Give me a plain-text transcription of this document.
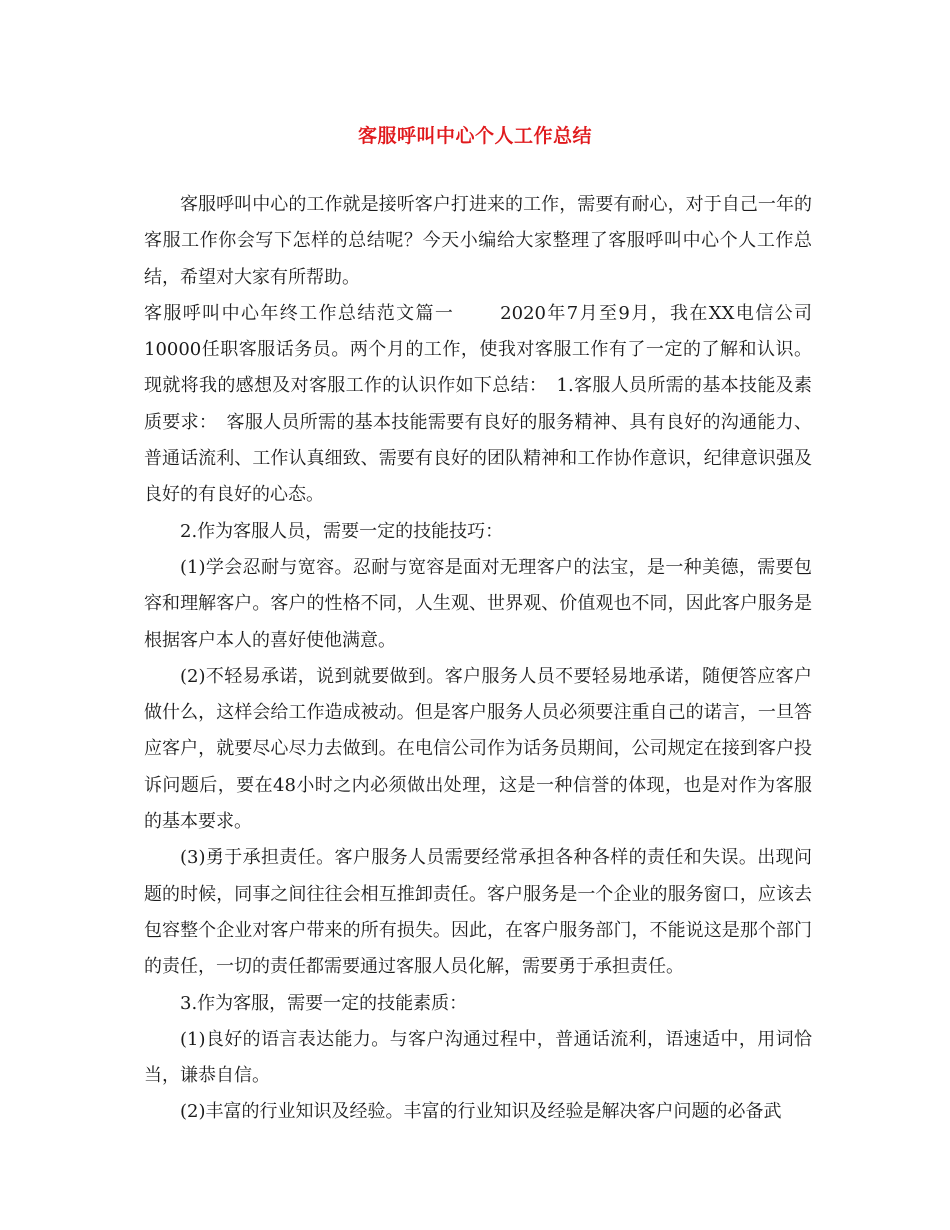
客服呼叫中心个人工作总结

客服呼叫中心的工作就是接听客户打进来的工作，需要有耐心，对于自己一年的客服工作你会写下怎样的总结呢？今天小编给大家整理了客服呼叫中心个人工作总结，希望对大家有所帮助。

客服呼叫中心年终工作总结范文篇一　　 2020年7月至9月，我在XX电信公司10000任职客服话务员。两个月的工作，使我对客服工作有了一定的了解和认识。现就将我的感想及对客服工作的认识作如下总结：　1.客服人员所需的基本技能及素质要求：　客服人员所需的基本技能需要有良好的服务精神、具有良好的沟通能力、普通话流利、工作认真细致、需要有良好的团队精神和工作协作意识，纪律意识强及良好的有良好的心态。

2.作为客服人员，需要一定的技能技巧：

(1)学会忍耐与宽容。忍耐与宽容是面对无理客户的法宝，是一种美德，需要包容和理解客户。客户的性格不同，人生观、世界观、价值观也不同，因此客户服务是根据客户本人的喜好使他满意。

(2)不轻易承诺，说到就要做到。客户服务人员不要轻易地承诺，随便答应客户做什么，这样会给工作造成被动。但是客户服务人员必须要注重自己的诺言，一旦答应客户，就要尽心尽力去做到。在电信公司作为话务员期间，公司规定在接到客户投诉问题后，要在48小时之内必须做出处理，这是一种信誉的体现，也是对作为客服的基本要求。

(3)勇于承担责任。客户服务人员需要经常承担各种各样的责任和失误。出现问题的时候，同事之间往往会相互推卸责任。客户服务是一个企业的服务窗口，应该去包容整个企业对客户带来的所有损失。因此，在客户服务部门，不能说这是那个部门的责任，一切的责任都需要通过客服人员化解，需要勇于承担责任。

3.作为客服，需要一定的技能素质：

(1)良好的语言表达能力。与客户沟通过程中，普通话流利，语速适中，用词恰当，谦恭自信。

(2)丰富的行业知识及经验。丰富的行业知识及经验是解决客户问题的必备武
